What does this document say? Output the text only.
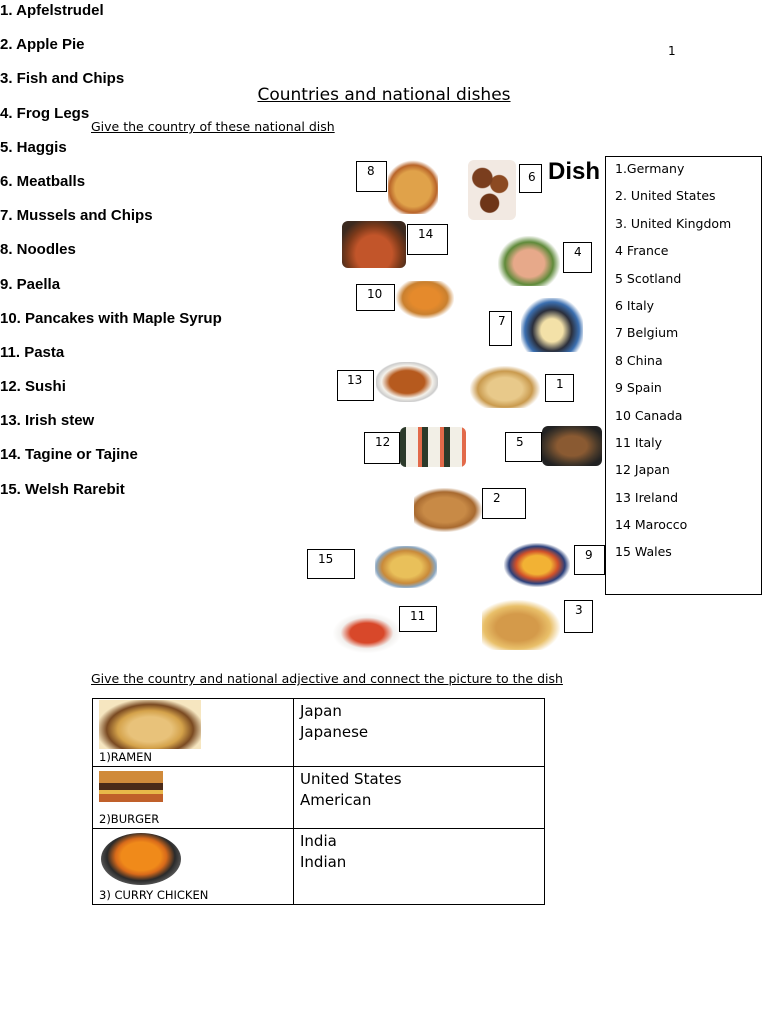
1
Countries and national dishes
Give the country of these national dish
1. Apfelstrudel
2. Apple Pie
3. Fish and Chips
4. Frog Legs
5. Haggis
6. Meatballs
7. Mussels and Chips
8. Noodles
9. Paella
10. Pancakes with Maple Syrup
11. Pasta
12. Sushi
13. Irish stew
14. Tagine or Tajine
15. Welsh Rarebit
Dish
8	6
14
4
10
7
13	1
12	5
2
15	9
11	3
1.Germany
2. United States
3. United Kingdom
4 France
5 Scotland
6 Italy
7 Belgium
8 China
9 Spain
10 Canada
11 Italy
12 Japan
13 Ireland
14 Marocco
15 Wales
Give the country and national adjective and connect the picture to the dish
1)RAMEN	Japan
Japanese

2)BURGER	United States
American

3) CURRY CHICKEN	India
Indian
